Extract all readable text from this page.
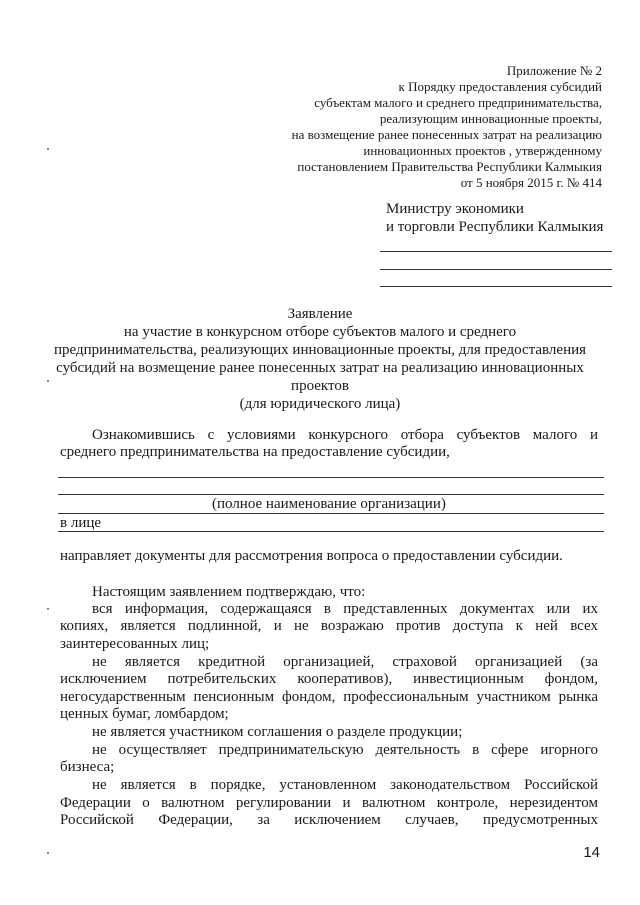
Приложение № 2
к Порядку предоставления субсидий
субъектам малого и среднего предпринимательства,
реализующим инновационные проекты,
на возмещение ранее понесенных затрат на реализацию
инновационных проектов , утвержденному
постановлением Правительства Республики Калмыкия
от 5 ноября 2015 г. № 414
Министру экономики
и торговли Республики Калмыкия
Заявление
на участие в конкурсном отборе субъектов малого и среднего
предпринимательства, реализующих инновационные проекты, для предоставления
субсидий на возмещение ранее понесенных затрат на реализацию инновационных
проектов
(для юридического лица)
Ознакомившись с условиями конкурсного отбора субъектов малого и
среднего предпринимательства на предоставление субсидии,
(полное наименование организации)
в лице
направляет документы для рассмотрения вопроса о предоставлении субсидии.
Настоящим заявлением подтверждаю, что:
вся информация, содержащаяся в представленных документах или их
копиях, является подлинной, и не возражаю против доступа к ней всех
заинтересованных лиц;
не является кредитной организацией, страховой организацией (за
исключением потребительских кооперативов), инвестиционным фондом,
негосударственным пенсионным фондом, профессиональным участником рынка
ценных бумаг, ломбардом;
не является участником соглашения о разделе продукции;
не осуществляет предпринимательскую деятельность в сфере игорного
бизнеса;
не является в порядке, установленном законодательством Российской
Федерации о валютном регулировании и валютном контроле, нерезидентом
Российской Федерации, за исключением случаев, предусмотренных
14
